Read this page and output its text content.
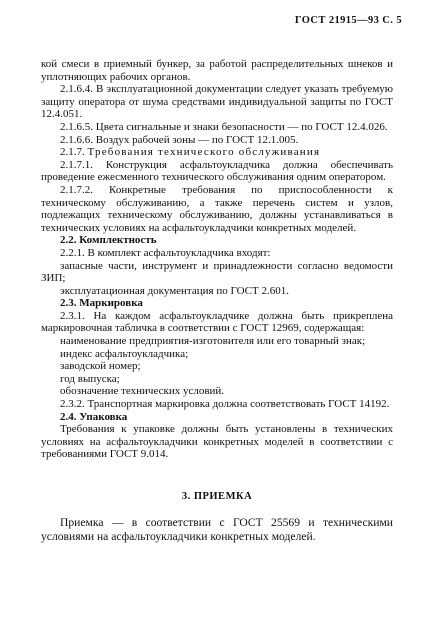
ГОСТ 21915—93 С. 5

кой смеси в приемный бункер, за работой распределительных шнеков и уплотняющих рабочих органов.

2.1.6.4. В эксплуатационной документации следует указать требуемую защиту оператора от шума средствами индивидуальной защиты по ГОСТ 12.4.051.

2.1.6.5. Цвета сигнальные и знаки безопасности — по ГОСТ 12.4.026.

2.1.6.6. Воздух рабочей зоны — по ГОСТ 12.1.005.

2.1.7. Требования технического обслуживания

2.1.7.1. Конструкция асфальтоукладчика должна обеспечивать проведение ежесменного технического обслуживания одним оператором.

2.1.7.2. Конкретные требования по приспособленности к техническому обслуживанию, а также перечень систем и узлов, подлежащих техническому обслуживанию, должны устанавливаться в технических условиях на асфальтоукладчики конкретных моделей.

2.2. Комплектность

2.2.1. В комплект асфальтоукладчика входят:

запасные части, инструмент и принадлежности согласно ведомости ЗИП;

эксплуатационная документация по ГОСТ 2.601.

2.3. Маркировка

2.3.1. На каждом асфальтоукладчике должна быть прикреплена маркировочная табличка в соответствии с ГОСТ 12969, содержащая:

наименование предприятия-изготовителя или его товарный знак;

индекс асфальтоукладчика;

заводской номер;

год выпуска;

обозначение технических условий.

2.3.2. Транспортная маркировка должна соответствовать ГОСТ 14192.

2.4. Упаковка

Требования к упаковке должны быть установлены в технических условиях на асфальтоукладчики конкретных моделей в соответствии с требованиями ГОСТ 9.014.

3. ПРИЕМКА

Приемка — в соответствии с ГОСТ 25569 и техническими условиями на асфальтоукладчики конкретных моделей.
